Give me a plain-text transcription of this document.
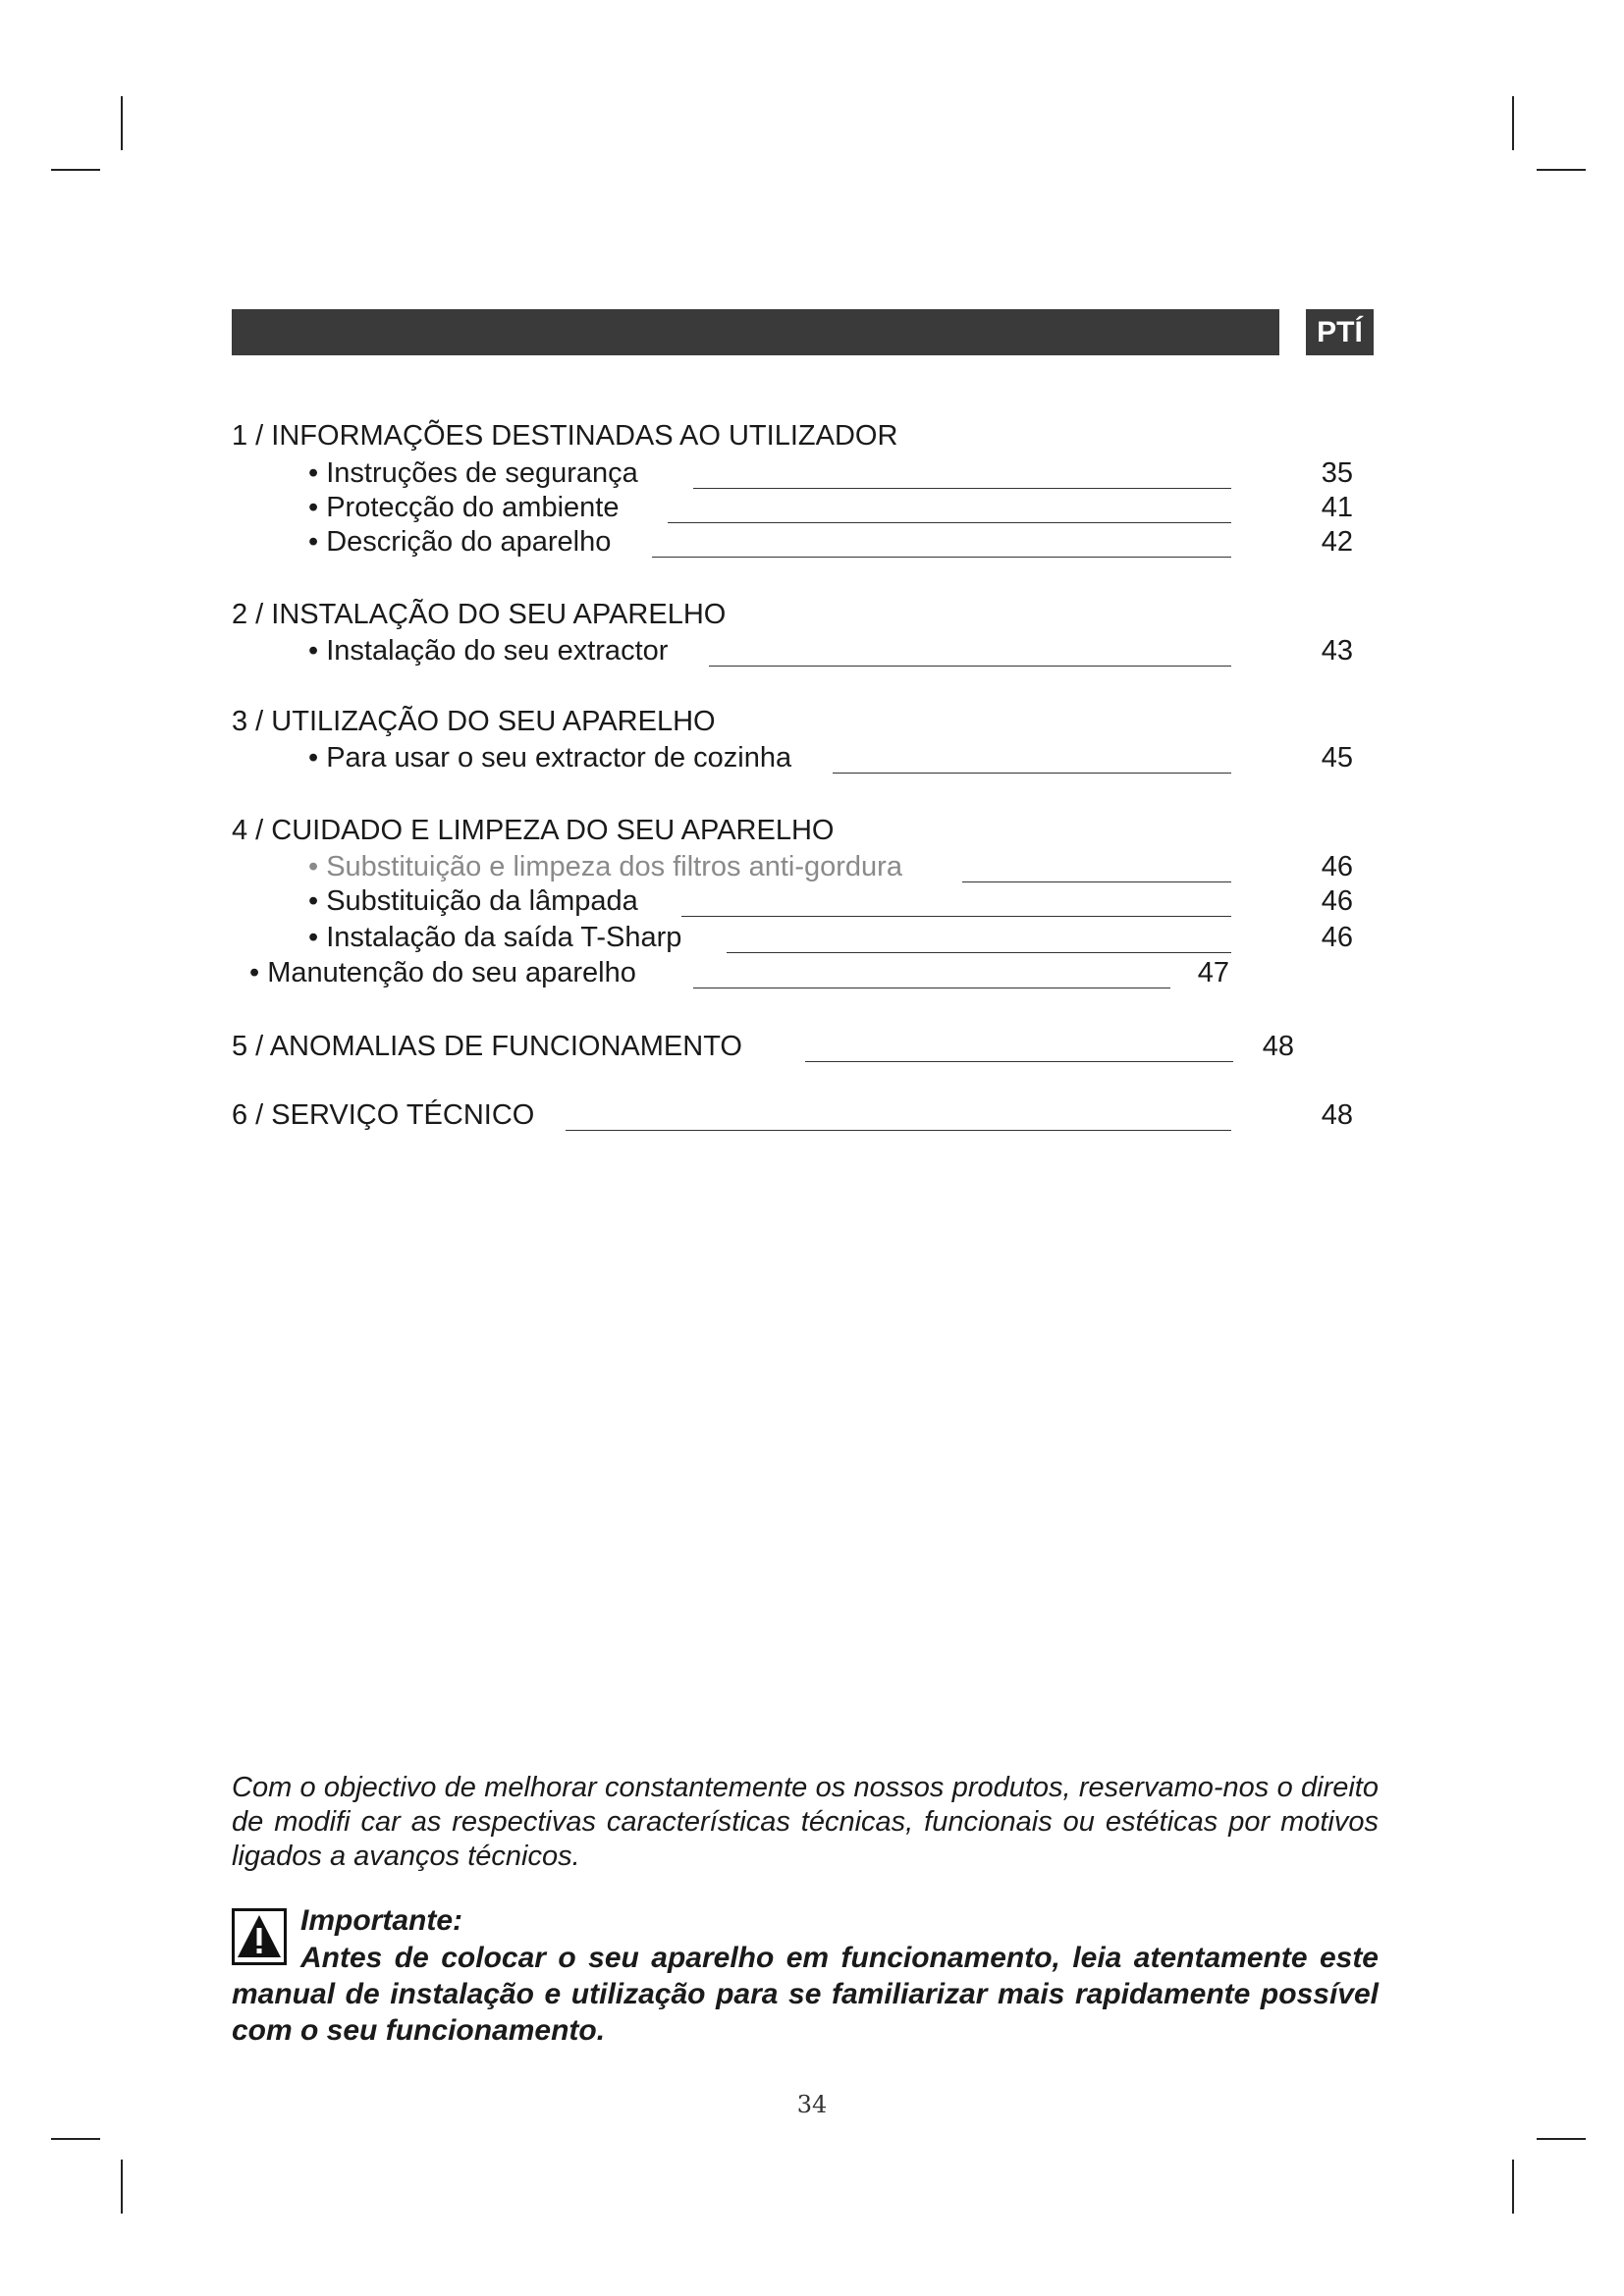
PTÍ
1 / INFORMAÇÕES DESTINADAS AO UTILIZADOR
• Instruções de segurança	35
• Protecção do ambiente	41
• Descrição do aparelho	42
2 / INSTALAÇÃO DO SEU APARELHO
• Instalação do seu extractor	43
3 / UTILIZAÇÃO DO SEU APARELHO
• Para usar o seu extractor de cozinha	45
4 / CUIDADO E LIMPEZA DO SEU APARELHO
• Substituição e limpeza dos filtros anti-gordura	46
• Substituição da lâmpada	46
• Instalação da saída T-Sharp	46
• Manutenção do seu aparelho	47
5 / ANOMALIAS DE FUNCIONAMENTO	48
6 / SERVIÇO TÉCNICO	48
Com o objectivo de melhorar constantemente os nossos produtos, reservamo-nos o direito de modifi car as respectivas características técnicas, funcionais ou estéticas por motivos ligados a avanços técnicos.
Importante:
Antes de colocar o seu aparelho em funcionamento, leia atentamente este manual de instalação e utilização para se familiarizar mais rapidamente possível com o seu funcionamento.
34
